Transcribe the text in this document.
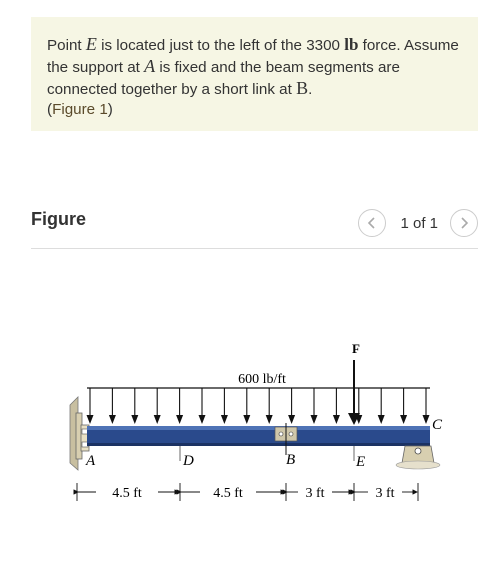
Point E is located just to the left of the 3300 lb force. Assume the support at A is fixed and the beam segments are connected together by a short link at B.
(Figure 1)

Figure	1 of 1
600 lb/ft
F
A	D	B	E
C
4.5 ft	4.5 ft	3 ft	3 ft
